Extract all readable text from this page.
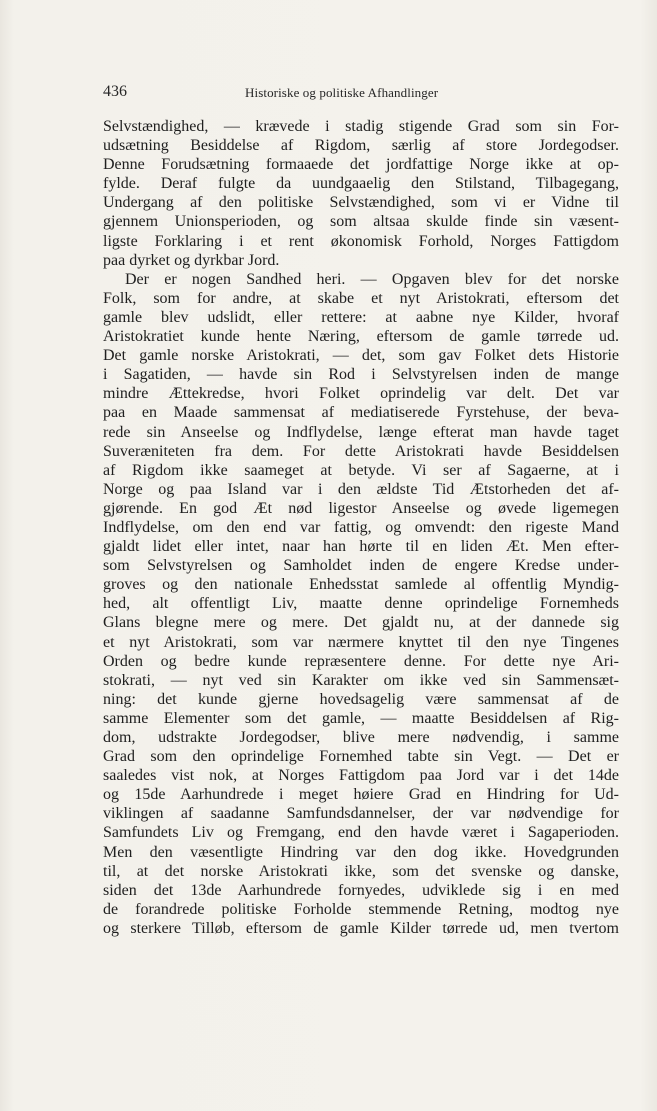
436	Historiske og politiske Afhandlinger
Selvstændighed, — krævede i stadig stigende Grad som sin For-
udsætning Besiddelse af Rigdom, særlig af store Jordegodser.
Denne Forudsætning formaaede det jordfattige Norge ikke at op-
fylde. Deraf fulgte da uundgaaelig den Stilstand, Tilbagegang,
Undergang af den politiske Selvstændighed, som vi er Vidne til
gjennem Unionsperioden, og som altsaa skulde finde sin væsent-
ligste Forklaring i et rent økonomisk Forhold, Norges Fattigdom
paa dyrket og dyrkbar Jord.
Der er nogen Sandhed heri. — Opgaven blev for det norske
Folk, som for andre, at skabe et nyt Aristokrati, eftersom det
gamle blev udslidt, eller rettere: at aabne nye Kilder, hvoraf
Aristokratiet kunde hente Næring, eftersom de gamle tørrede ud.
Det gamle norske Aristokrati, — det, som gav Folket dets Historie
i Sagatiden, — havde sin Rod i Selvstyrelsen inden de mange
mindre Ættekredse, hvori Folket oprindelig var delt. Det var
paa en Maade sammensat af mediatiserede Fyrstehuse, der beva-
rede sin Anseelse og Indflydelse, længe efterat man havde taget
Suveræniteten fra dem. For dette Aristokrati havde Besiddelsen
af Rigdom ikke saameget at betyde. Vi ser af Sagaerne, at i
Norge og paa Island var i den ældste Tid Ætstorheden det af-
gjørende. En god Æt nød ligestor Anseelse og øvede ligemegen
Indflydelse, om den end var fattig, og omvendt: den rigeste Mand
gjaldt lidet eller intet, naar han hørte til en liden Æt. Men efter-
som Selvstyrelsen og Samholdet inden de engere Kredse under-
groves og den nationale Enhedsstat samlede al offentlig Myndig-
hed, alt offentligt Liv, maatte denne oprindelige Fornemheds
Glans blegne mere og mere. Det gjaldt nu, at der dannede sig
et nyt Aristokrati, som var nærmere knyttet til den nye Tingenes
Orden og bedre kunde repræsentere denne. For dette nye Ari-
stokrati, — nyt ved sin Karakter om ikke ved sin Sammensæt-
ning: det kunde gjerne hovedsagelig være sammensat af de
samme Elementer som det gamle, — maatte Besiddelsen af Rig-
dom, udstrakte Jordegodser, blive mere nødvendig, i samme
Grad som den oprindelige Fornemhed tabte sin Vegt. — Det er
saaledes vist nok, at Norges Fattigdom paa Jord var i det 14de
og 15de Aarhundrede i meget høiere Grad en Hindring for Ud-
viklingen af saadanne Samfundsdannelser, der var nødvendige for
Samfundets Liv og Fremgang, end den havde været i Sagaperioden.
Men den væsentligte Hindring var den dog ikke. Hovedgrunden
til, at det norske Aristokrati ikke, som det svenske og danske,
siden det 13de Aarhundrede fornyedes, udviklede sig i en med
de forandrede politiske Forholde stemmende Retning, modtog nye
og sterkere Tilløb, eftersom de gamle Kilder tørrede ud, men tvertom
